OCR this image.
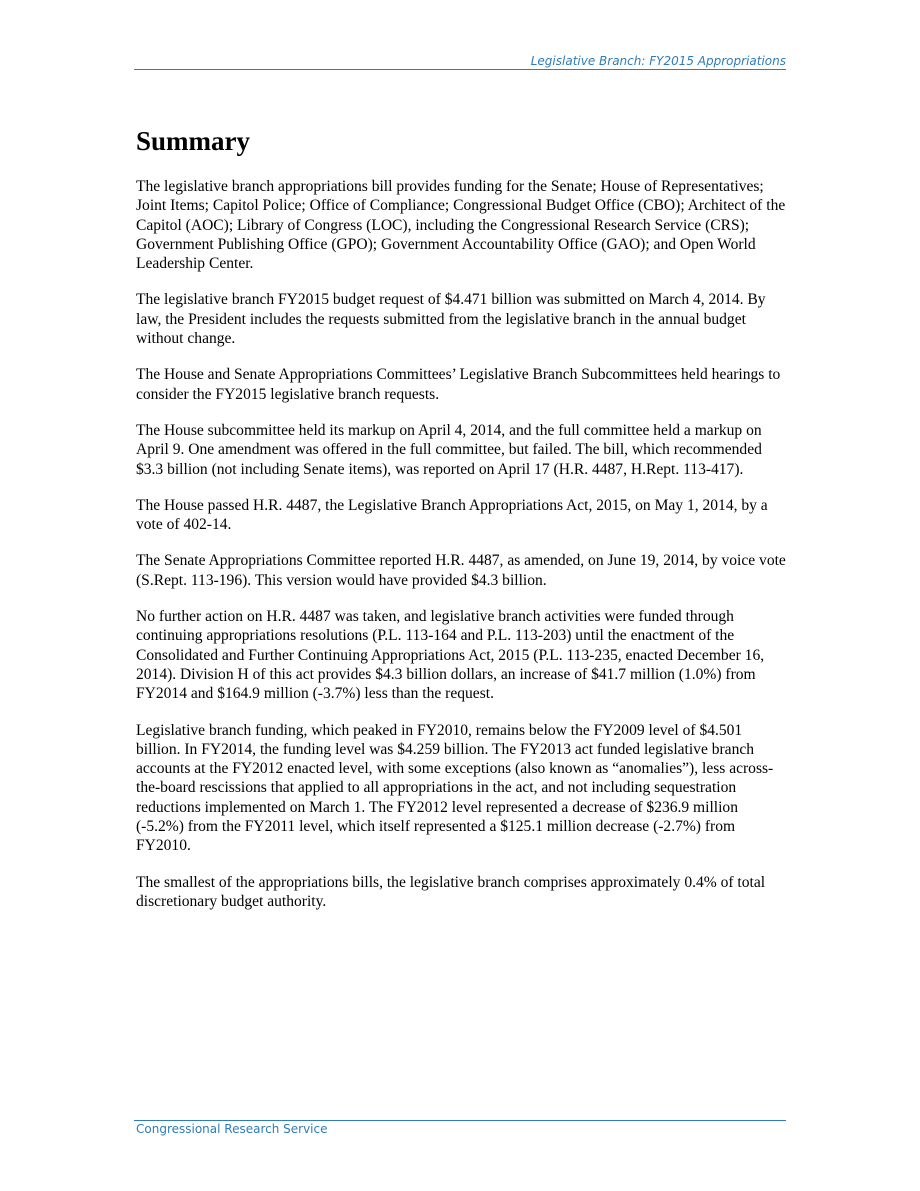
Legislative Branch: FY2015 Appropriations
Summary

The legislative branch appropriations bill provides funding for the Senate; House of Representatives; Joint Items; Capitol Police; Office of Compliance; Congressional Budget Office (CBO); Architect of the Capitol (AOC); Library of Congress (LOC), including the Congressional Research Service (CRS); Government Publishing Office (GPO); Government Accountability Office (GAO); and Open World Leadership Center.

The legislative branch FY2015 budget request of $4.471 billion was submitted on March 4, 2014. By law, the President includes the requests submitted from the legislative branch in the annual budget without change.

The House and Senate Appropriations Committees’ Legislative Branch Subcommittees held hearings to consider the FY2015 legislative branch requests.

The House subcommittee held its markup on April 4, 2014, and the full committee held a markup on April 9. One amendment was offered in the full committee, but failed. The bill, which recommended $3.3 billion (not including Senate items), was reported on April 17 (H.R. 4487, H.Rept. 113-417).

The House passed H.R. 4487, the Legislative Branch Appropriations Act, 2015, on May 1, 2014, by a vote of 402-14.

The Senate Appropriations Committee reported H.R. 4487, as amended, on June 19, 2014, by voice vote (S.Rept. 113-196). This version would have provided $4.3 billion.

No further action on H.R. 4487 was taken, and legislative branch activities were funded through continuing appropriations resolutions (P.L. 113-164 and P.L. 113-203) until the enactment of the Consolidated and Further Continuing Appropriations Act, 2015 (P.L. 113-235, enacted December 16, 2014). Division H of this act provides $4.3 billion dollars, an increase of $41.7 million (1.0%) from FY2014 and $164.9 million (-3.7%) less than the request.

Legislative branch funding, which peaked in FY2010, remains below the FY2009 level of $4.501 billion. In FY2014, the funding level was $4.259 billion. The FY2013 act funded legislative branch accounts at the FY2012 enacted level, with some exceptions (also known as “anomalies”), less across-the-board rescissions that applied to all appropriations in the act, and not including sequestration reductions implemented on March 1. The FY2012 level represented a decrease of $236.9 million (-5.2%) from the FY2011 level, which itself represented a $125.1 million decrease (-2.7%) from FY2010.

The smallest of the appropriations bills, the legislative branch comprises approximately 0.4% of total discretionary budget authority.

Congressional Research Service
